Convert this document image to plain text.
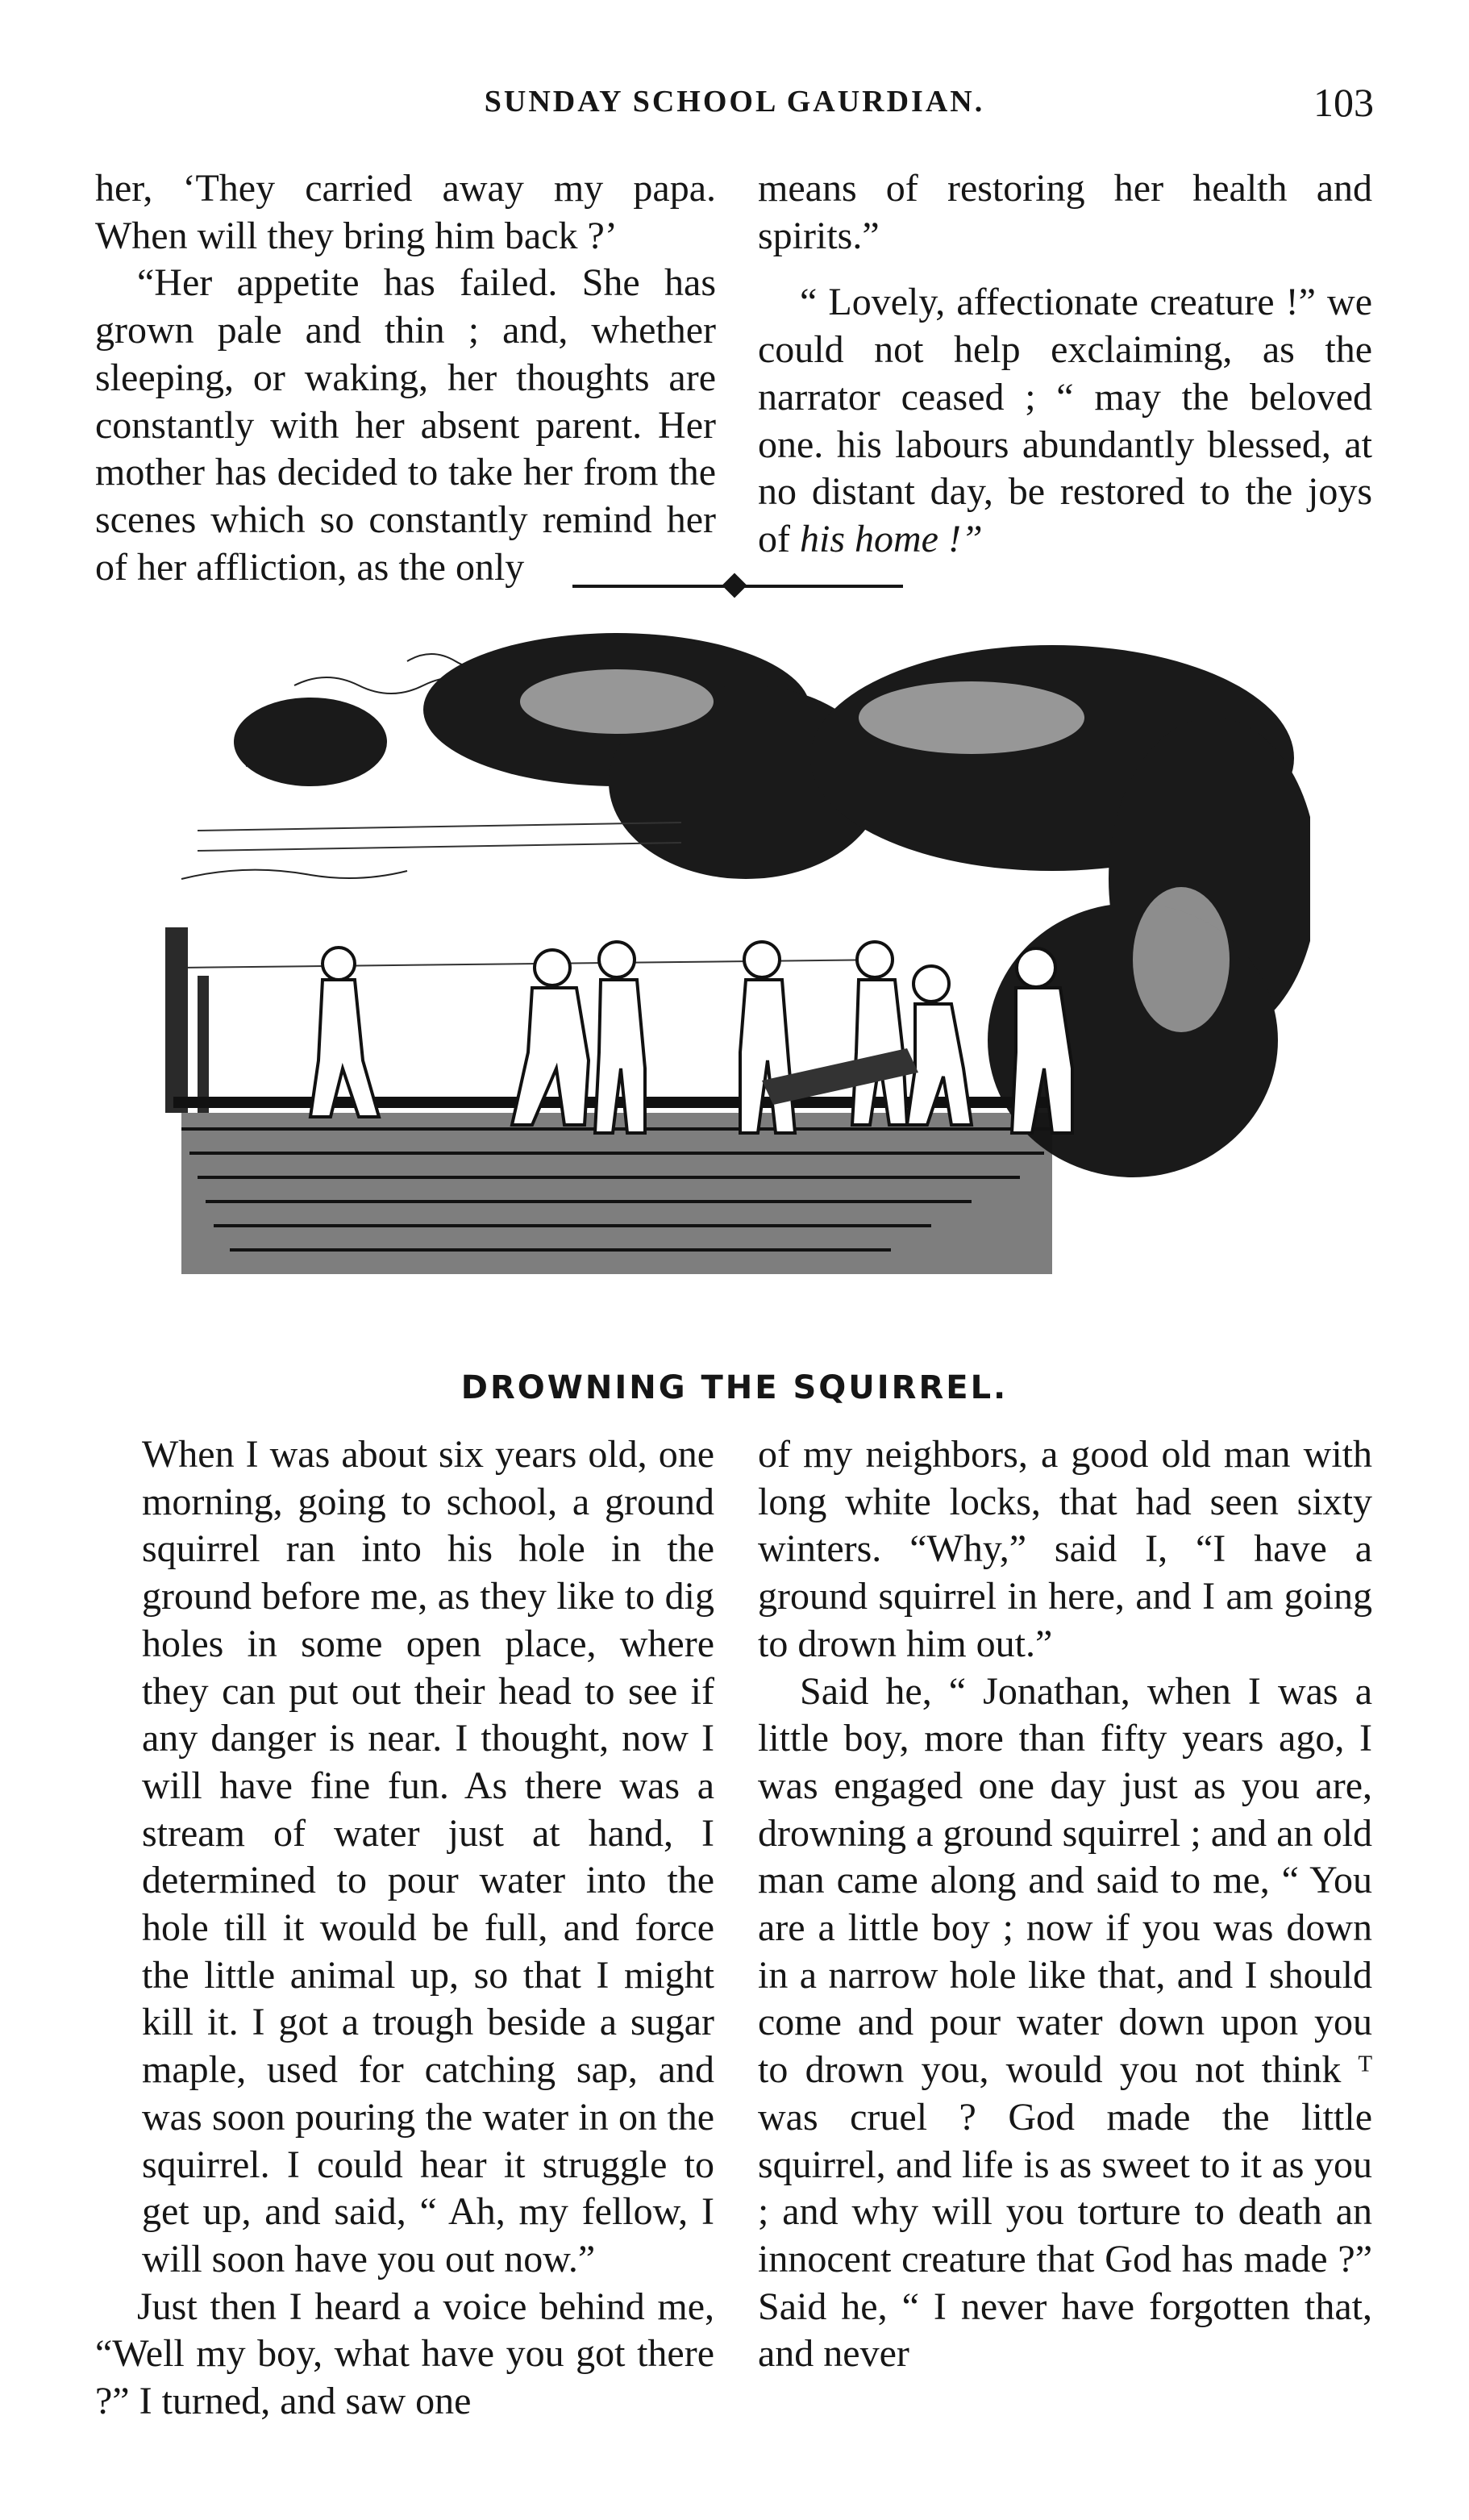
SUNDAY SCHOOL GAURDIAN.	103

her, ‘They carried away my papa. When will they bring him back ?’

“Her appetite has failed. She has grown pale and thin ; and, whether sleeping, or waking, her thoughts are constantly with her absent parent. Her mother has decided to take her from the scenes which so constantly remind her of her affliction, as the only

means of restoring her health and spirits.”

“ Lovely, affectionate creature !” we could not help exclaiming, as the narrator ceased ; “ may the beloved one. his labours abundantly blessed, at no distant day, be restored to the joys of his home !”

DROWNING THE SQUIRREL.

When I was about six years old, one morning, going to school, a ground squirrel ran into his hole in the ground before me, as they like to dig holes in some open place, where they can put out their head to see if any danger is near. I thought, now I will have fine fun. As there was a stream of water just at hand, I determined to pour water into the hole till it would be full, and force the little animal up, so that I might kill it. I got a trough beside a sugar maple, used for catching sap, and was soon pouring the water in on the squirrel. I could hear it struggle to get up, and said, “ Ah, my fellow, I will soon have you out now.”

Just then I heard a voice behind me, “Well my boy, what have you got there ?” I turned, and saw one

of my neighbors, a good old man with long white locks, that had seen sixty winters. “Why,” said I, “I have a ground squirrel in here, and I am going to drown him out.”

Said he, “ Jonathan, when I was a little boy, more than fifty years ago, I was engaged one day just as you are, drowning a ground squirrel ; and an old man came along and said to me, “ You are a little boy ; now if you was down in a narrow hole like that, and I should come and pour water down upon you to drown you, would you not think ᵀ was cruel ? God made the little squirrel, and life is as sweet to it as you ; and why will you torture to death an innocent creature that God has made ?” Said he, “ I never have forgotten that, and never
